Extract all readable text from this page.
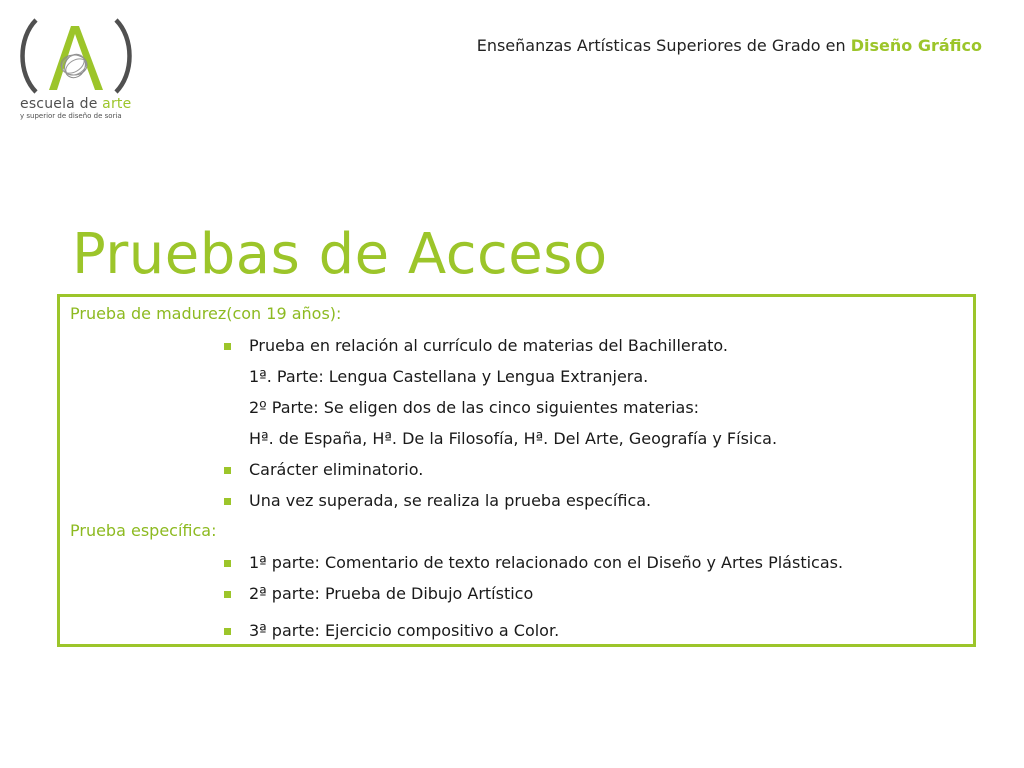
escuela de arte
y superior de diseño de soria
Enseñanzas Artísticas Superiores de Grado en Diseño Gráfico
Pruebas de Acceso
Prueba de madurez(con 19 años):
Prueba en relación al currículo de materias del Bachillerato.
1ª. Parte: Lengua Castellana y Lengua Extranjera.
2º Parte: Se eligen dos de las cinco siguientes materias:
Hª. de España, Hª. De la Filosofía, Hª. Del Arte, Geografía y Física.
Carácter eliminatorio.
Una vez superada, se realiza la prueba específica.
Prueba específica:
1ª parte: Comentario de texto relacionado con el Diseño y Artes Plásticas.
2ª parte: Prueba de Dibujo Artístico
3ª parte: Ejercicio compositivo a Color.
